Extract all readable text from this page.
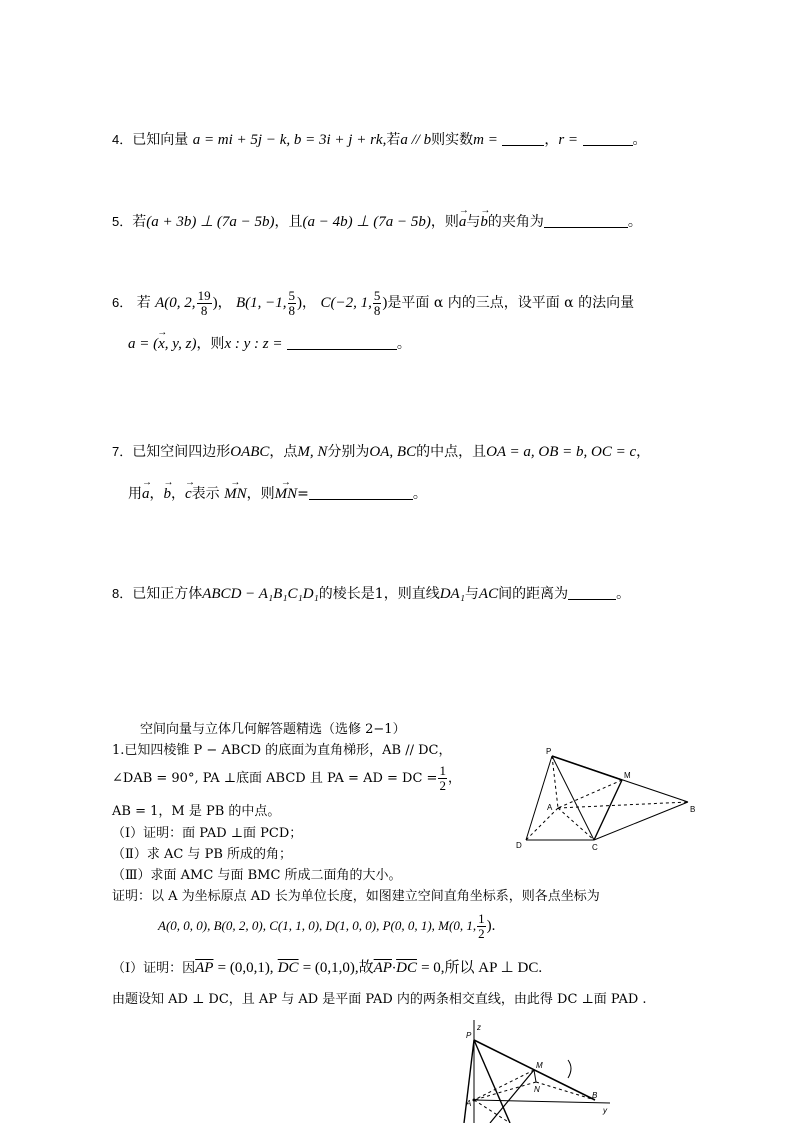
4．已知向量 a = mi + 5j − k, b = 3i + j + rk,若a // b则实数m =	，r =	。
5．若(a + 3b) ⊥ (7a − 5b)，且(a − 4b) ⊥ (7a − 5b)，则→ a与→ b的夹角为	。
6． 若 A(0, 2, $\frac{19}{8}$ )， B(1, −1, $\frac{5}{8}$ )， C(−2, 1, $\frac{5}{8}$ )是平面 α 内的三点，设平面 α 的法向量
→ a = (x, y, z)，则x : y : z =	。
7．已知空间四边形OABC，点M, N分别为OA, BC的中点，且OA = a, OB = b, OC = c，
用→ a，→ b，→ c表示 → MN，则→ MN=	。
8．已知正方体ABCD − A₁B₁C₁D₁的棱长是1，则直线DA₁与AC间的距离为	。
空间向量与立体几何解答题精选（选修 2−1）
1.已知四棱锥 P − ABCD 的底面为直角梯形，AB // DC，
∠DAB = 90°, PA ⊥底面 ABCD 且 PA = AD = DC = $\frac{1}{2}$ ，
AB = 1，M 是 PB 的中点。
（Ⅰ）证明：面 PAD ⊥面 PCD；
（Ⅱ）求 AC 与 PB 所成的角；
（Ⅲ）求面 AMC 与面 BMC 所成二面角的大小。
证明：以 A 为坐标原点 AD 长为单位长度，如图建立空间直角坐标系，则各点坐标为
A(0, 0, 0), B(0, 2, 0), C(1, 1, 0), D(1, 0, 0), P(0, 0, 1), M(0, 1, $\frac{1}{2}$ ).
（Ⅰ）证明：因$\overline{AP} = (0,0,1)$, $\overline{DC} = (0,1,0)$,故$\overline{AP}\cdot\overline{DC} = 0$,所以 AP ⊥ DC.
由题设知 AD ⊥ DC，且 AP 与 AD 是平面 PAD 内的两条相交直线，由此得 DC ⊥面 PAD .
P
M
A	B
D	C
z
y
P
M
N
A
B
